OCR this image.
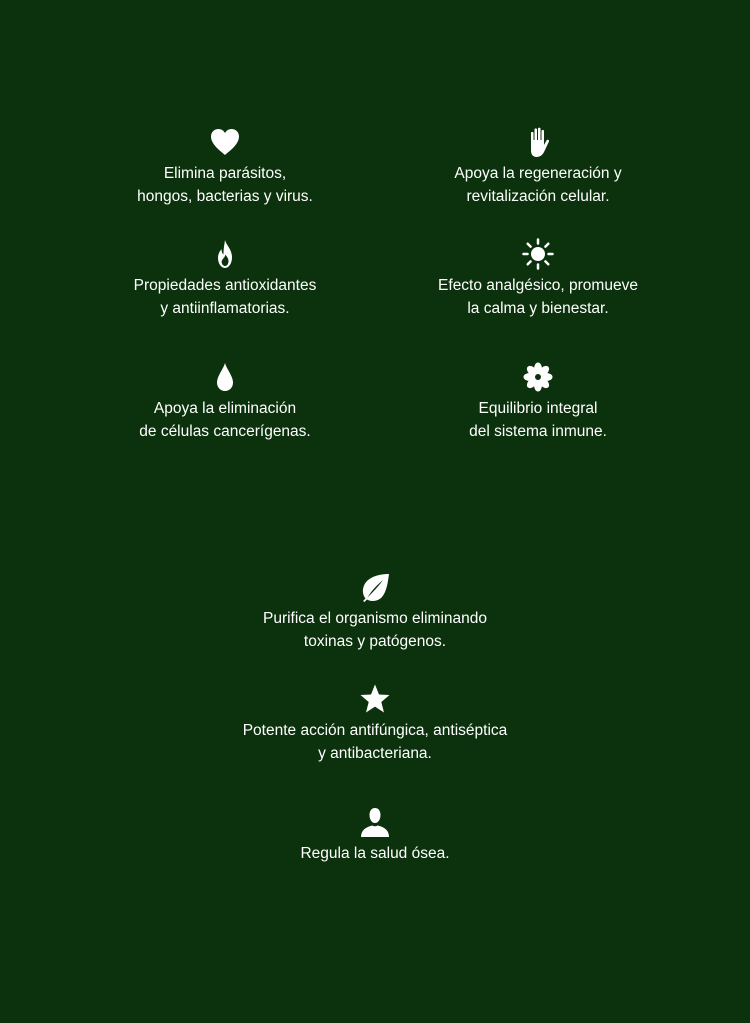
Elimina parásitos,
hongos, bacterias y virus.
Apoya la regeneración y
revitalización celular.
Propiedades antioxidantes
y antiinflamatorias.
Efecto analgésico, promueve
la calma y bienestar.
Apoya la eliminación
de células cancerígenas.
Equilibrio integral
del sistema inmune.
Purifica el organismo eliminando
toxinas y patógenos.
Potente acción antifúngica, antiséptica
y antibacteriana.
Regula la salud ósea.
